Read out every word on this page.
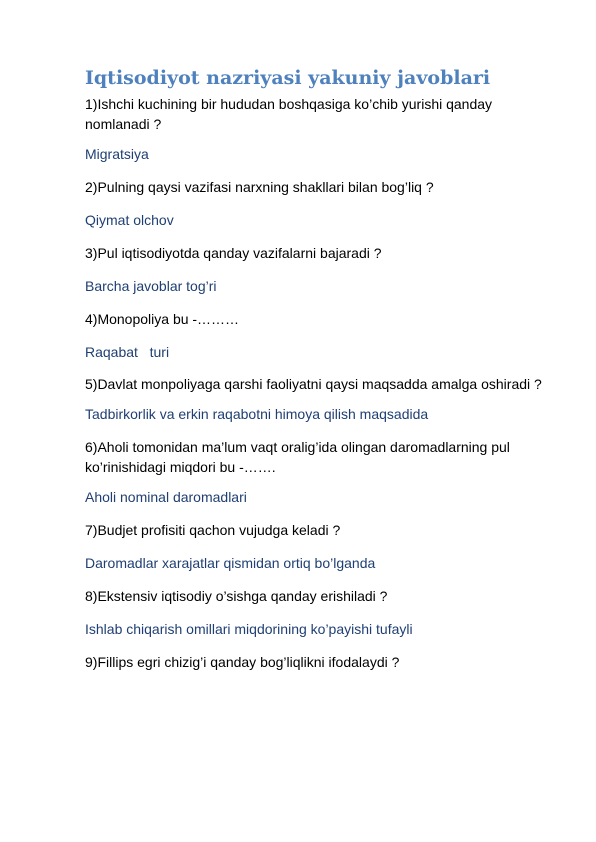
Iqtisodiyot nazriyasi yakuniy javoblari

1)Ishchi kuchining bir hududan boshqasiga ko’chib yurishi qanday nomlanadi ?

Migratsiya

2)Pulning qaysi vazifasi narxning shakllari bilan bog’liq ?

Qiymat olchov

3)Pul iqtisodiyotda qanday vazifalarni bajaradi ?

Barcha javoblar tog’ri

4)Monopoliya bu -………

Raqabat   turi

5)Davlat monpoliyaga qarshi faoliyatni qaysi maqsadda amalga oshiradi ?

Tadbirkorlik va erkin raqabotni himoya qilish maqsadida

6)Aholi tomonidan ma’lum vaqt oralig’ida olingan daromadlarning pul ko’rinishidagi miqdori bu -…….

Aholi nominal daromadlari

7)Budjet profisiti qachon vujudga keladi ?

Daromadlar xarajatlar qismidan ortiq bo’lganda

8)Ekstensiv iqtisodiy o’sishga qanday erishiladi ?

Ishlab chiqarish omillari miqdorining ko’payishi tufayli

9)Fillips egri chizig’i qanday bog’liqlikni ifodalaydi ?
